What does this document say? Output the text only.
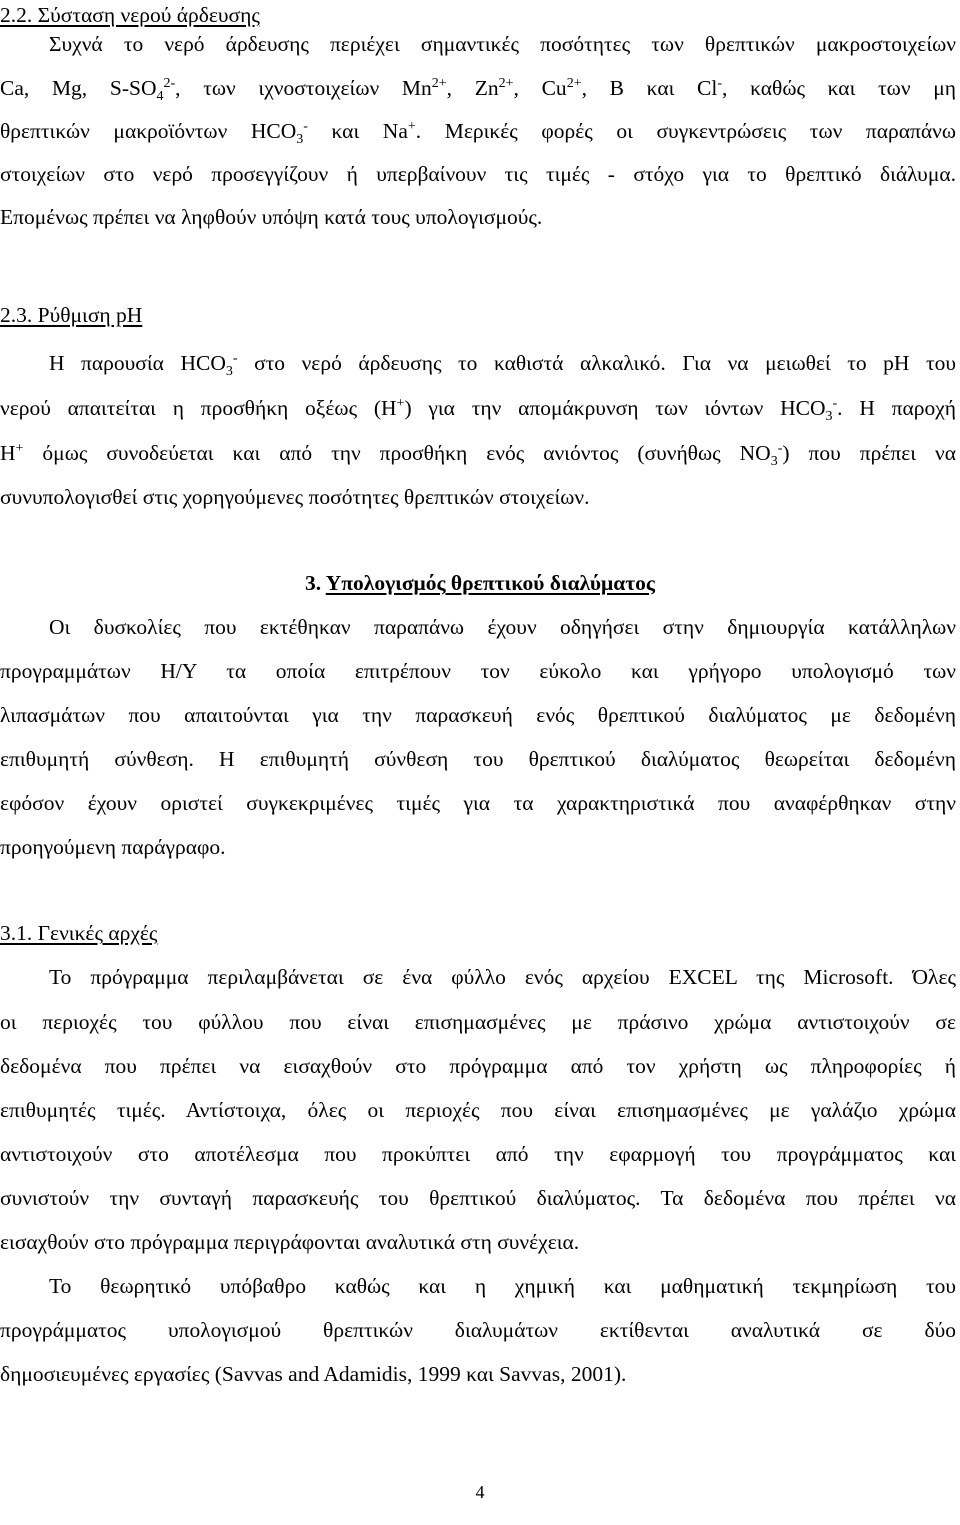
2.2. Σύσταση νερού άρδευσης

Συχνά το νερό άρδευσης περιέχει σημαντικές ποσότητες των θρεπτικών μακροστοιχείων

Ca, Mg, $S-SO_4^{2-}$, των ιχνοστοιχείων $Mn^{2+}$, $Zn^{2+}$, $Cu^{2+}$, B και Cl-, καθώς και των μη

θρεπτικών μακροϊόντων $HCO_3^-$ και Na+. Μερικές φορές οι συγκεντρώσεις των παραπάνω

στοιχείων στο νερό προσεγγίζουν ή υπερβαίνουν τις τιμές - στόχο για το θρεπτικό διάλυμα.

Επομένως πρέπει να ληφθούν υπόψη κατά τους υπολογισμούς.

2.3. Ρύθμιση pH

Η παρουσία $HCO_3^-$ στο νερό άρδευσης το καθιστά αλκαλικό. Για να μειωθεί το pH του

νερού απαιτείται η προσθήκη οξέως (H+) για την απομάκρυνση των ιόντων $HCO_3^-$. Η παροχή

H+ όμως συνοδεύεται και από την προσθήκη ενός ανιόντος (συνήθως $NO_3^-$) που πρέπει να

συνυπολογισθεί στις χορηγούμενες ποσότητες θρεπτικών στοιχείων.

3. Υπολογισμός θρεπτικού διαλύματος

Οι δυσκολίες που εκτέθηκαν παραπάνω έχουν οδηγήσει στην δημιουργία κατάλληλων

προγραμμάτων Η/Υ τα οποία επιτρέπουν τον εύκολο και γρήγορο υπολογισμό των

λιπασμάτων που απαιτούνται για την παρασκευή ενός θρεπτικού διαλύματος με δεδομένη

επιθυμητή σύνθεση. Η επιθυμητή σύνθεση του θρεπτικού διαλύματος θεωρείται δεδομένη

εφόσον έχουν οριστεί συγκεκριμένες τιμές για τα χαρακτηριστικά που αναφέρθηκαν στην

προηγούμενη παράγραφο.

3.1. Γενικές αρχές

Το πρόγραμμα περιλαμβάνεται σε ένα φύλλο ενός αρχείου EXCEL της Microsoft. Όλες

οι περιοχές του φύλλου που είναι επισημασμένες με πράσινο χρώμα αντιστοιχούν σε

δεδομένα που πρέπει να εισαχθούν στο πρόγραμμα από τον χρήστη ως πληροφορίες ή

επιθυμητές τιμές. Αντίστοιχα, όλες οι περιοχές που είναι επισημασμένες με γαλάζιο χρώμα

αντιστοιχούν στο αποτέλεσμα που προκύπτει από την εφαρμογή του προγράμματος και

συνιστούν την συνταγή παρασκευής του θρεπτικού διαλύματος. Τα δεδομένα που πρέπει να

εισαχθούν στο πρόγραμμα περιγράφονται αναλυτικά στη συνέχεια.

Το θεωρητικό υπόβαθρο καθώς και η χημική και μαθηματική τεκμηρίωση του

προγράμματος υπολογισμού θρεπτικών διαλυμάτων εκτίθενται αναλυτικά σε δύο

δημοσιευμένες εργασίες (Savvas and Adamidis, 1999 και Savvas, 2001).

4
